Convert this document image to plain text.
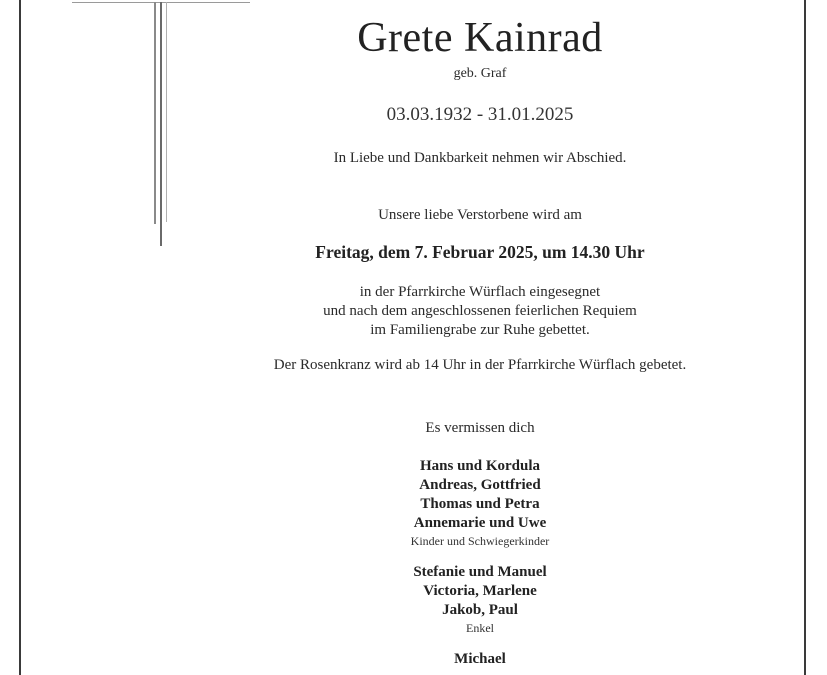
Grete Kainrad
geb. Graf
03.03.1932 - 31.01.2025
In Liebe und Dankbarkeit nehmen wir Abschied.
Unsere liebe Verstorbene wird am
Freitag, dem 7. Februar 2025, um 14.30 Uhr
in der Pfarrkirche Würflach eingesegnet
und nach dem angeschlossenen feierlichen Requiem
im Familiengrabe zur Ruhe gebettet.
Der Rosenkranz wird ab 14 Uhr in der Pfarrkirche Würflach gebetet.
Es vermissen dich
Hans und Kordula
Andreas, Gottfried
Thomas und Petra
Annemarie und Uwe
Kinder und Schwiegerkinder
Stefanie und Manuel
Victoria, Marlene
Jakob, Paul
Enkel
Michael
